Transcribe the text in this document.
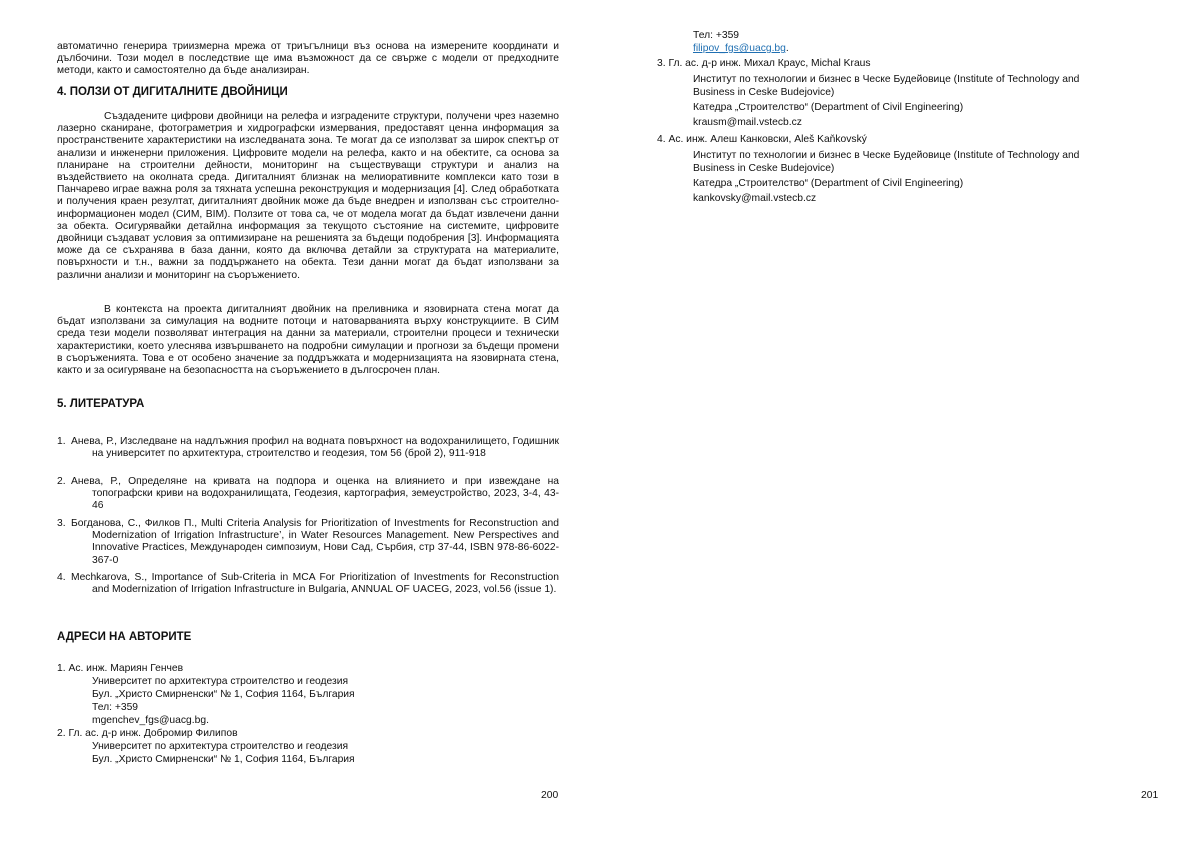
автоматично генерира триизмерна мрежа от триъгълници въз основа на измерените координати и дълбочини. Този модел в последствие ще има възможност да се свърже с модели от предходните методи, както и самостоятелно да бъде анализиран.

4. ПОЛЗИ ОТ ДИГИТАЛНИТЕ ДВОЙНИЦИ

Създадените цифрови двойници на релефа и изградените структури, получени чрез наземно лазерно сканиране, фотограметрия и хидрографски измервания, предоставят ценна информация за пространствените характеристики на изследваната зона. Те могат да се използват за широк спектър от анализи и инженерни приложения. Цифровите модели на релефа, както и на обектите, са основа за планиране на строителни дейности, мониторинг на съществуващи структури и анализ на въздействието на околната среда. Дигиталният близнак на мелиоративните комплекси като този в Панчарево играе важна роля за тяхната успешна реконструкция и модернизация [4]. След обработката и получения краен резултат, дигиталният двойник може да бъде внедрен и използван със строително-информационен модел (СИМ, BIM). Ползите от това са, че от модела могат да бъдат извлечени данни за обекта. Осигурявайки детайлна информация за текущото състояние на системите, цифровите двойници създават условия за оптимизиране на решенията за бъдещи подобрения [3]. Информацията може да се съхранява в база данни, която да включва детайли за структурата на материалите, повърхности и т.н., важни за поддържането на обекта. Тези данни могат да бъдат използвани за различни анализи и мониторинг на съоръжението.

В контекста на проекта дигиталният двойник на преливника и язовирната стена могат да бъдат използвани за симулация на водните потоци и натоварванията върху конструкциите. В СИМ среда тези модели позволяват интеграция на данни за материали, строителни процеси и технически характеристики, което улеснява извършването на подробни симулации и прогнози за бъдещи промени в съоръженията. Това е от особено значение за поддръжката и модернизацията на язовирната стена, както и за осигуряване на безопасността на съоръжението в дългосрочен план.

5. ЛИТЕРАТУРА
1. Анева, Р., Изследване на надлъжния профил на водната повърхност на водохранилището, Годишник на университет по архитектура, строителство и геодезия, том 56 (брой 2), 911-918
2. Анева, Р., Определяне на кривата на подпора и оценка на влиянието и при извеждане на топографски криви на водохранилищата, Геодезия, картография, земеустройство, 2023, 3-4, 43-46
3. Богданова, С., Филков П., Multi Criteria Analysis for Prioritization of Investments for Reconstruction and Modernization of Irrigation Infrastructure’, in Water Resources Management. New Perspectives and Innovative Practices, Международен симпозиум, Нови Сад, Сърбия, стр 37-44, ISBN 978-86-6022-367-0
4. Mechkarova, S., Importance of Sub-Criteria in MCA For Prioritization of Investments for Reconstruction and Modernization of Irrigation Infrastructure in Bulgaria, ANNUAL OF UACEG, 2023, vol.56 (issue 1).
АДРЕСИ НА АВТОРИТЕ

1. Ас. инж. Мариян Генчев

Университет по архитектура строителство и геодезия

Бул. „Христо Смирненски“ № 1, София 1164, България

Тел: +359

mgenchev_fgs@uacg.bg.

2. Гл. ас. д-р инж. Добромир Филипов

Университет по архитектура строителство и геодезия

Бул. „Христо Смирненски“ № 1, София 1164, България

200

Тел: +359

filipov_fgs@uacg.bg.

3. Гл. ас. д-р инж. Михал Краус, Michal Kraus

Институт по технологии и бизнес в Ческе Будейовице (Institute of Technology and

Business in Ceske Budejovice)

Катедра „Строителство“ (Department of Civil Engineering)

krausm@mail.vstecb.cz

4. Ас. инж. Алеш Канковски, Aleš Kaňkovský

Институт по технологии и бизнес в Ческе Будейовице (Institute of Technology and

Business in Ceske Budejovice)

Катедра „Строителство“ (Department of Civil Engineering)

kankovsky@mail.vstecb.cz

201
